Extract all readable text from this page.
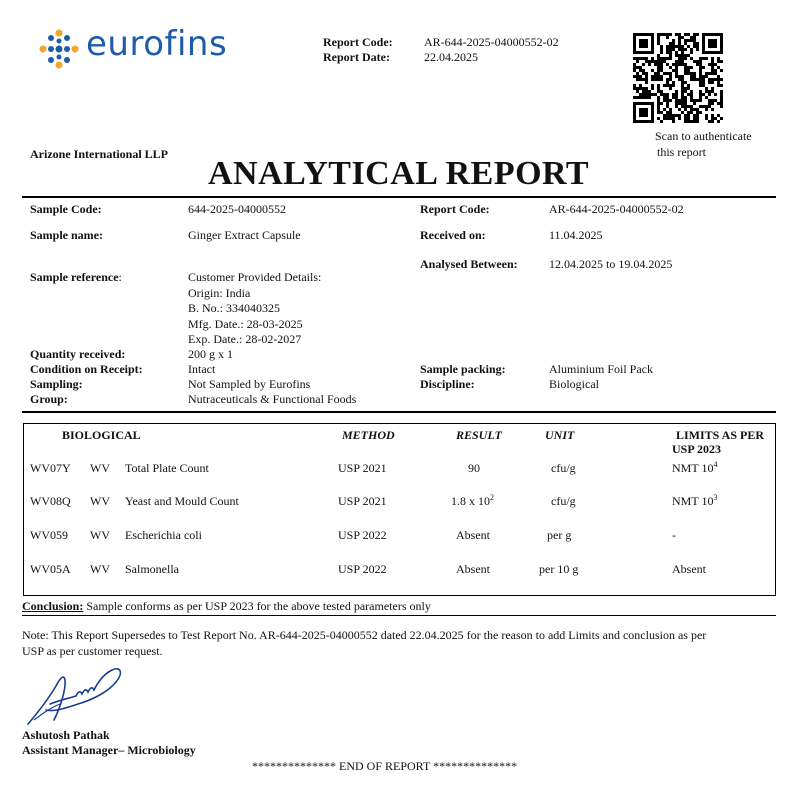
eurofins	Report Code:	AR-644-2025-04000552-02
Report Date:	22.04.2025
Scan to authenticate
this report
Arizone International LLP
ANALYTICAL REPORT
Sample Code:	644-2025-04000552	Report Code:	AR-644-2025-04000552-02
Sample name:	Ginger Extract Capsule	Received on:	11.04.2025
Analysed Between:	12.04.2025 to 19.04.2025
Sample reference:	Customer Provided Details:
Origin: India
B. No.: 334040325
Mfg. Date.: 28-03-2025
Exp. Date.: 28-02-2027
Quantity received:	200 g x 1
Condition on Receipt:	Intact	Sample packing:	Aluminium Foil Pack
Sampling:	Not Sampled by Eurofins	Discipline:	Biological
Group:	Nutraceuticals & Functional Foods
BIOLOGICAL	METHOD	RESULT	UNIT	LIMITS AS PER
USP 2023
WV07Y WV Total Plate Count	USP 2021	90	cfu/g	NMT $10^4$
WV08Q WV Yeast and Mould Count	USP 2021	1.8 x $10^2$	cfu/g	NMT $10^3$
WV059 WV Escherichia coli	USP 2022	Absent	per g	-
WV05A WV Salmonella	USP 2022	Absent	per 10 g	Absent
Conclusion: Sample conforms as per USP 2023 for the above tested parameters only
Note: This Report Supersedes to Test Report No. AR-644-2025-04000552 dated 22.04.2025 for the reason to add Limits and conclusion as per
USP as per customer request.
Ashutosh Pathak
Assistant Manager– Microbiology
************** END OF REPORT **************
